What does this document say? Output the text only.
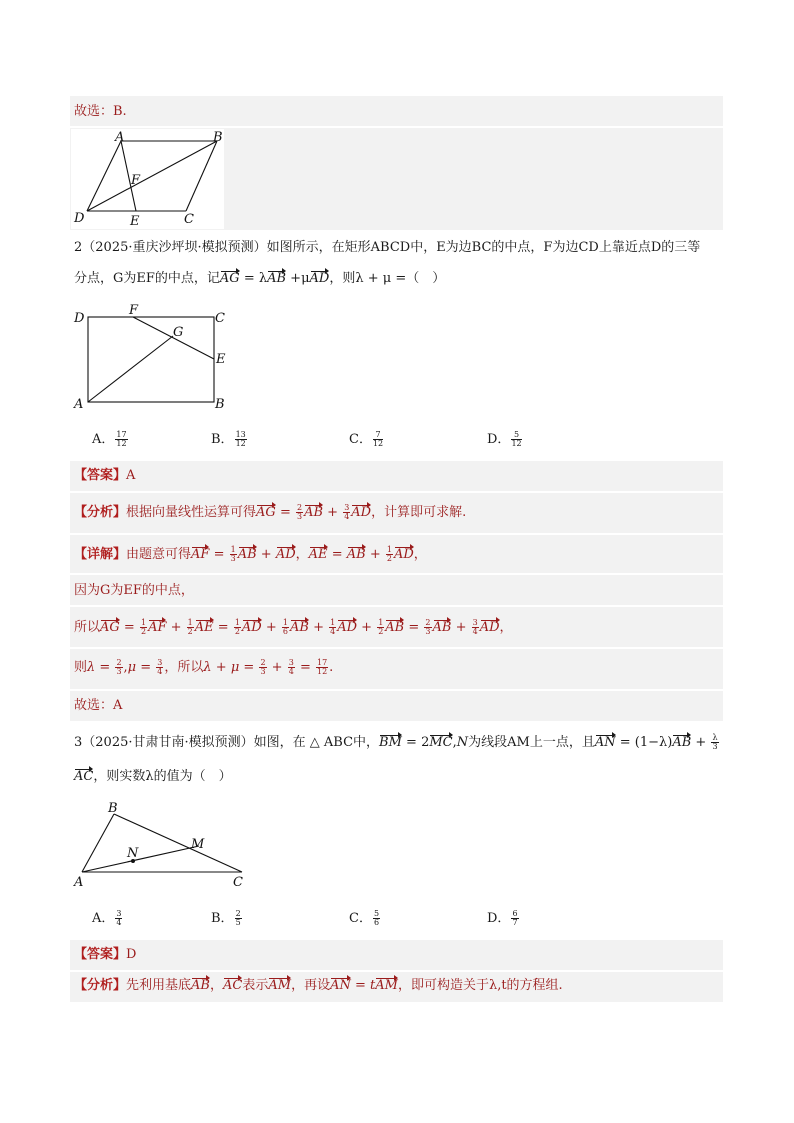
故选：B.
A	B
C
D	E
F
2（2025·重庆沙坪坝·模拟预测）如图所示，在矩形ABCD中，E为边BC的中点，F为边CD上靠近点D的三等
分点，G为EF的中点，记AG = λAB +μAD，则λ + μ =（　）
D
F
C
G
E
A	B
A． $\frac{17}{12}$	B． $\frac{13}{12}$	C． $\frac{7}{12}$	D． $\frac{5}{12}$
【答案】A
【分析】根据向量线性运算可得AG = $\frac{2}{3}$ AB + $\frac{3}{4}$ AD，计算即可求解.
【详解】由题意可得AF = $\frac{1}{3}$ AB + AD，AE = AB + $\frac{1}{2}$ AD，
因为G为EF的中点，
所以AG = $\frac{1}{2}$ AF + $\frac{1}{2}$ AE = $\frac{1}{2}$ AD + $\frac{1}{6}$ AB + $\frac{1}{4}$ AD + $\frac{1}{2}$ AB = $\frac{2}{3}$ AB + $\frac{3}{4}$ AD，
则$\lambda = \frac{2}{3} ,\mu = \frac{3}{4}$ ，所以$\lambda + \mu = \frac{2}{3} + \frac{3}{4} = \frac{17}{12}$ .
故选：A
3（2025·甘肃甘南·模拟预测）如图，在 △ ABC中，BM = 2MC,N为线段AM上一点，且AN = $(1-\lambda)AB + \frac{\lambda}{3}$
AC，则实数λ的值为（　）
B
M
N
A	C
A． $\frac{3}{4}$	B． $\frac{2}{5}$	C． $\frac{5}{6}$	D． $\frac{6}{7}$
【答案】D
【分析】先利用基底AB，AC表示AM，再设AN = tAM，即可构造关于λ,t的方程组.
